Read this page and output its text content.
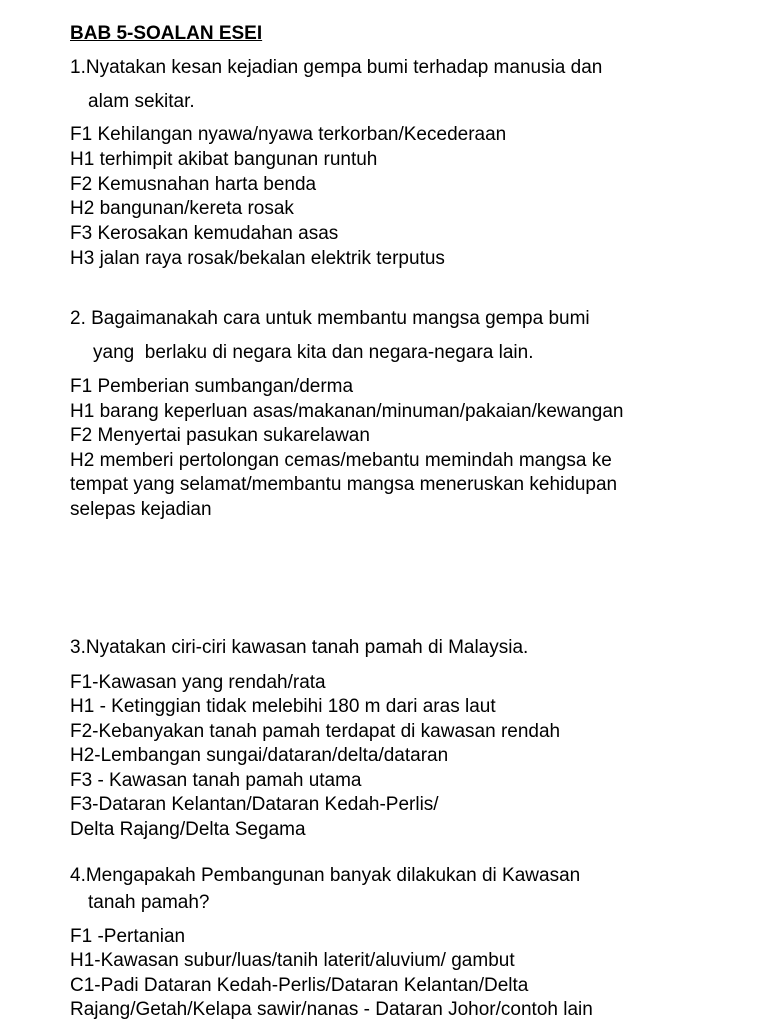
BAB 5-SOALAN ESEI
1.Nyatakan kesan kejadian gempa bumi terhadap manusia dan
alam sekitar.
F1 Kehilangan nyawa/nyawa terkorban/Kecederaan
H1 terhimpit akibat bangunan runtuh
F2 Kemusnahan harta benda
H2 bangunan/kereta rosak
F3 Kerosakan kemudahan asas
H3 jalan raya rosak/bekalan elektrik terputus
2. Bagaimanakah cara untuk membantu mangsa gempa bumi
yang  berlaku di negara kita dan negara-negara lain.
F1 Pemberian sumbangan/derma
H1 barang keperluan asas/makanan/minuman/pakaian/kewangan
F2 Menyertai pasukan sukarelawan
H2 memberi pertolongan cemas/mebantu memindah mangsa ke
tempat yang selamat/membantu mangsa meneruskan kehidupan
selepas kejadian
3.Nyatakan ciri-ciri kawasan tanah pamah di Malaysia.
F1-Kawasan yang rendah/rata
H1 - Ketinggian tidak melebihi 180 m dari aras laut
F2-Kebanyakan tanah pamah terdapat di kawasan rendah
H2-Lembangan sungai/dataran/delta/dataran
F3 - Kawasan tanah pamah utama
F3-Dataran Kelantan/Dataran Kedah-Perlis/
Delta Rajang/Delta Segama
4.Mengapakah Pembangunan banyak dilakukan di Kawasan
tanah pamah?
F1 -Pertanian
H1-Kawasan subur/luas/tanih laterit/aluvium/ gambut
C1-Padi Dataran Kedah-Perlis/Dataran Kelantan/Delta
Rajang/Getah/Kelapa sawir/nanas - Dataran Johor/contoh lain
